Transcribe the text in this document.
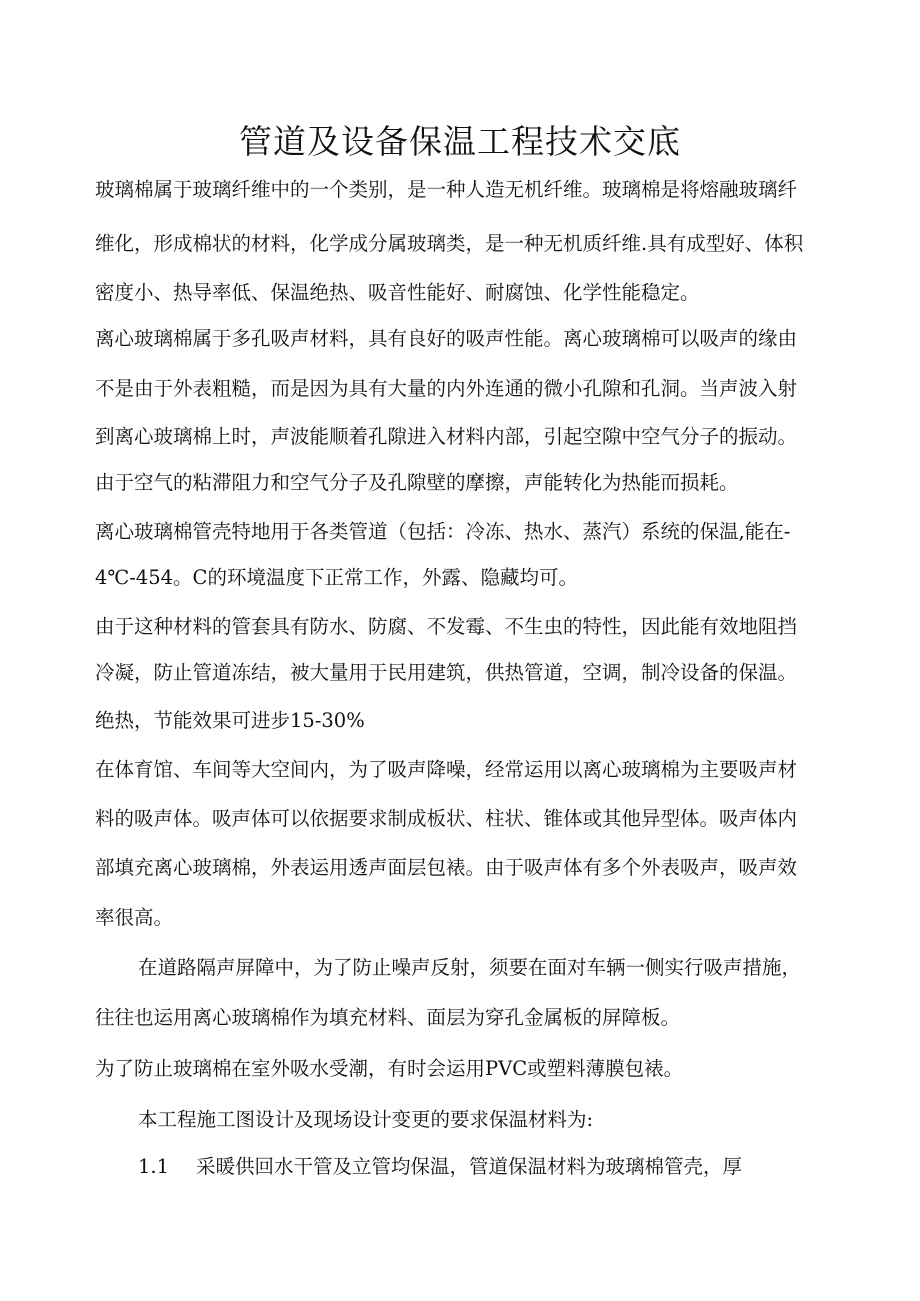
管道及设备保温工程技术交底
玻璃棉属于玻璃纤维中的一个类别，是一种人造无机纤维。玻璃棉是将熔融玻璃纤
维化，形成棉状的材料，化学成分属玻璃类，是一种无机质纤维.具有成型好、体积
密度小、热导率低、保温绝热、吸音性能好、耐腐蚀、化学性能稳定。
离心玻璃棉属于多孔吸声材料，具有良好的吸声性能。离心玻璃棉可以吸声的缘由
不是由于外表粗糙，而是因为具有大量的内外连通的微小孔隙和孔洞。当声波入射
到离心玻璃棉上时，声波能顺着孔隙进入材料内部，引起空隙中空气分子的振动。
由于空气的粘滞阻力和空气分子及孔隙壁的摩擦，声能转化为热能而损耗。
离心玻璃棉管壳特地用于各类管道（包括：冷冻、热水、蒸汽）系统的保温,能在-
4℃-454。C的环境温度下正常工作，外露、隐藏均可。
由于这种材料的管套具有防水、防腐、不发霉、不生虫的特性，因此能有效地阻挡
冷凝，防止管道冻结，被大量用于民用建筑，供热管道，空调，制冷设备的保温。
绝热，节能效果可进步15-30%
在体育馆、车间等大空间内，为了吸声降噪，经常运用以离心玻璃棉为主要吸声材
料的吸声体。吸声体可以依据要求制成板状、柱状、锥体或其他异型体。吸声体内
部填充离心玻璃棉，外表运用透声面层包裱。由于吸声体有多个外表吸声，吸声效
率很高。
在道路隔声屏障中，为了防止噪声反射，须要在面对车辆一侧实行吸声措施，
往往也运用离心玻璃棉作为填充材料、面层为穿孔金属板的屏障板。
为了防止玻璃棉在室外吸水受潮，有时会运用PVC或塑料薄膜包裱。
本工程施工图设计及现场设计变更的要求保温材料为:
1.1 采暖供回水干管及立管均保温，管道保温材料为玻璃棉管壳，厚
